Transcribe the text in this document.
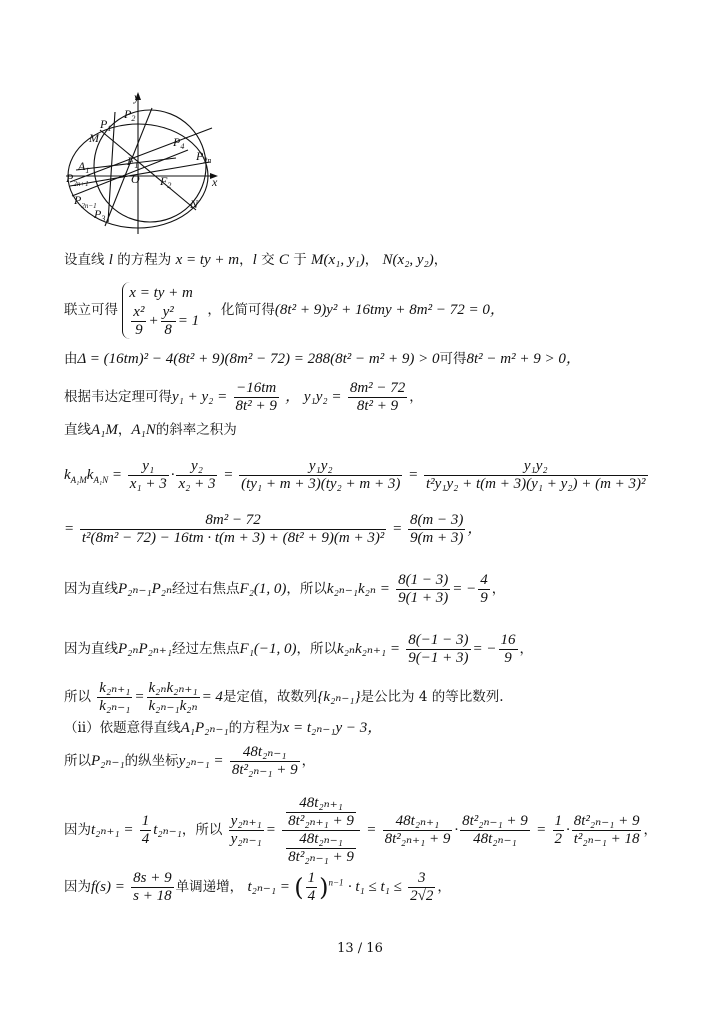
y
x
$P_2$
$P_1$
M
$A_1$
$F_1$
O $F_2$
$P_4$
$P_{2n}$
$P_{2n+1}$
$P_{2n-1}$
$P_3$
N
设直线 l 的方程为 x = ty + m，l 交 C 于 M(x₁, y₁)， N(x₂, y₂)，
联立可得
x = ty + m
$\frac{\text{x²}}{9} + \frac{\text{y²}}{8} = 1$
，化简可得(8t² + 9)y² + 16tmy + 8m² − 72 = 0，
由Δ = (16tm)² − 4(8t² + 9)(8m² − 72) = 288(8t² − m² + 9) > 0可得8t² − m² + 9 > 0，
根据韦达定理可得$y_1 + y_2 = \frac{-16tm}{\text{8t² + 9}}$ ， $y_1y_2 = \frac{\text{8m² − 72}}{\text{8t² + 9}}$ ，
直线A₁M，A₁N的斜率之积为
$k_{A_1M}k_{A_1N} = \frac{\text{y₁}}{\text{x₁ + 3}} \cdot \frac{\text{y₂}}{\text{x₂ + 3}} = \frac{\text{y₁y₂}}{\text{(ty₁ + m + 3)(ty₂ + m + 3)}} = \frac{\text{y₁y₂}}{\text{t²y₁y₂ + t(m + 3)(y₁ + y₂) + (m + 3)²}}$
= $\frac{\text{8m² − 72}}{\text{t²(8m² − 72) − 16tm · t(m + 3) + (8t² + 9)(m + 3)²}} = \frac{8(m - 3)}{9(m + 3)}$ ，
因为直线P₂ₙ₋₁P₂ₙ经过右焦点F₂(1, 0)，所以$k_{2n-1}k_{2n} = \frac{8(1 - 3)}{9(1 + 3)}$ = − $\frac{4}{9}$ ，
因为直线P₂ₙP₂ₙ₊₁经过左焦点F₁(−1, 0)，所以$k_{2n}k_{2n+1} = \frac{8(-1 - 3)}{9(-1 + 3)}$ = − $\frac{16}{9}$ ，
所以 $\frac{\text{k₂ₙ₊₁}}{\text{k₂ₙ₋₁}} = \frac{\text{k₂ₙk₂ₙ₊₁}}{\text{k₂ₙ₋₁k₂ₙ}} = 4$是定值，故数列{k₂ₙ₋₁}是公比为 4 的等比数列.
（ⅱ）依题意得直线A₁P₂ₙ₋₁的方程为x = t₂ₙ₋₁y − 3，
所以P₂ₙ₋₁的纵坐标$y_{2n-1} = \frac{\text{48t₂ₙ₋₁}}{\text{8t²₂ₙ₋₁ + 9}}$ ，
因为$t_{2n+1} = \frac{1}{4} t_{2n-1}$，所以 $\frac{\text{y₂ₙ₊₁}}{\text{y₂ₙ₋₁}} = \frac{\frac{\text{48t₂ₙ₊₁}}{\text{8t²₂ₙ₊₁ + 9}}}{\frac{\text{48t₂ₙ₋₁}}{\text{8t²₂ₙ₋₁ + 9}}} = \frac{\text{48t₂ₙ₊₁}}{\text{8t²₂ₙ₊₁ + 9}} \cdot \frac{\text{8t²₂ₙ₋₁ + 9}}{\text{48t₂ₙ₋₁}} = \frac{1}{2} \cdot \frac{\text{8t²₂ₙ₋₁ + 9}}{\text{t²₂ₙ₋₁ + 18}}$ ，
因为$f(s) = \frac{8s + 9}{s + 18}$ 单调递增， t₂ₙ₋₁ = ( $\frac{1}{4} )^{n-1} \cdot t_1 \le t_1 \le \frac{3}{2√2}$ ，
13 / 16
